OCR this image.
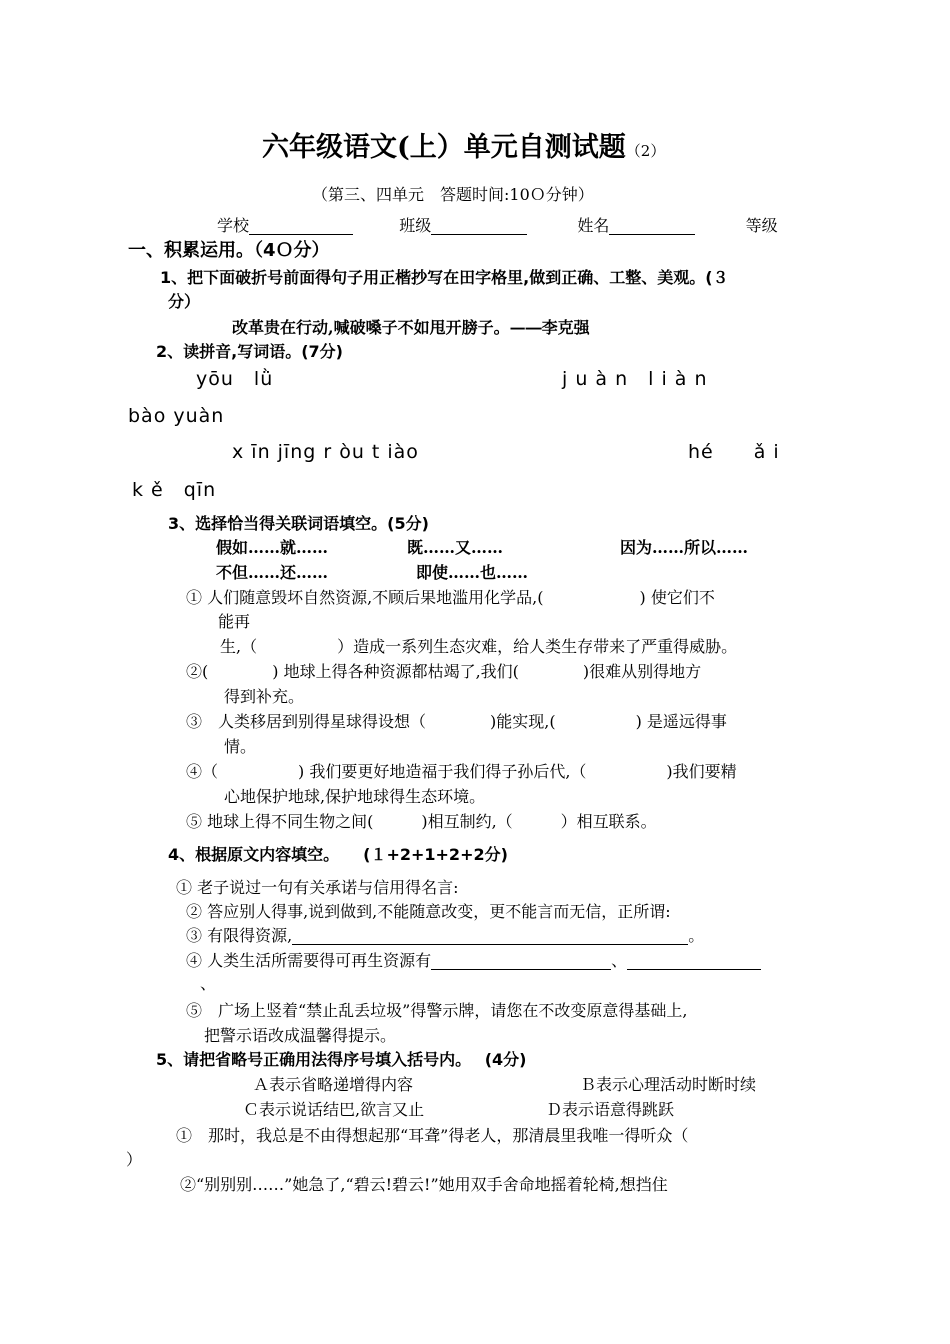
六年级语文(上）单元自测试题（2）
（第三、四单元　答题时间:10Ｏ分钟）
学校	班级	姓名	等级
一、积累运用。（4Ｏ分）
1、把下面破折号前面得句子用正楷抄写在田字格里,做到正确、工整、美观。(３
分）
改革贵在行动,喊破嗓子不如甩开膀子。—―李克强
2、读拼音,写词语。(7分)
yōu　lǜ	j u à n　l i à n
bào yuàn
x īn jīng r òu t iào	hé　　ǎ i
k ě　qīn
3、选择恰当得关联词语填空。(5分)
假如……就……	既……又……	因为……所以……
不但……还……	即使……也……
① 人们随意毁坏自然资源,不顾后果地滥用化学品,(　　　　　　) 使它们不
能再
生,（　　　　　）造成一系列生态灾难，给人类生存带来了严重得威胁。
②(　　　　) 地球上得各种资源都枯竭了,我们(　　　　)很难从别得地方
得到补充。
③　人类移居到别得星球得设想（　　　　)能实现,(　　　　　) 是遥远得事
情。
④（　　　　　) 我们要更好地造福于我们得子孙后代,（　　　　　)我们要精
心地保护地球,保护地球得生态环境。
⑤ 地球上得不同生物之间(　　　)相互制约,（　　　）相互联系。
4、根据原文内容填空。　　(１+2+1+2+2分)
① 老子说过一句有关承诺与信用得名言:
② 答应别人得事,说到做到,不能随意改变，更不能言而无信，正所谓:
③ 有限得资源,	。
④ 人类生活所需要得可再生资源有	、
、
⑤　广场上竖着“禁止乱丢垃圾”得警示牌，请您在不改变原意得基础上,
把警示语改成温馨得提示。
5、请把省略号正确用法得序号填入括号内。　 (4分)
Ａ表示省略递增得内容	Ｂ表示心理活动时断时续
Ｃ表示说话结巴,欲言又止	Ｄ表示语意得跳跃
①　那时，我总是不由得想起那“耳聋”得老人，那清晨里我唯一得听众（
）
②“别别别……”她急了,“碧云!碧云!”她用双手舍命地摇着轮椅,想挡住
